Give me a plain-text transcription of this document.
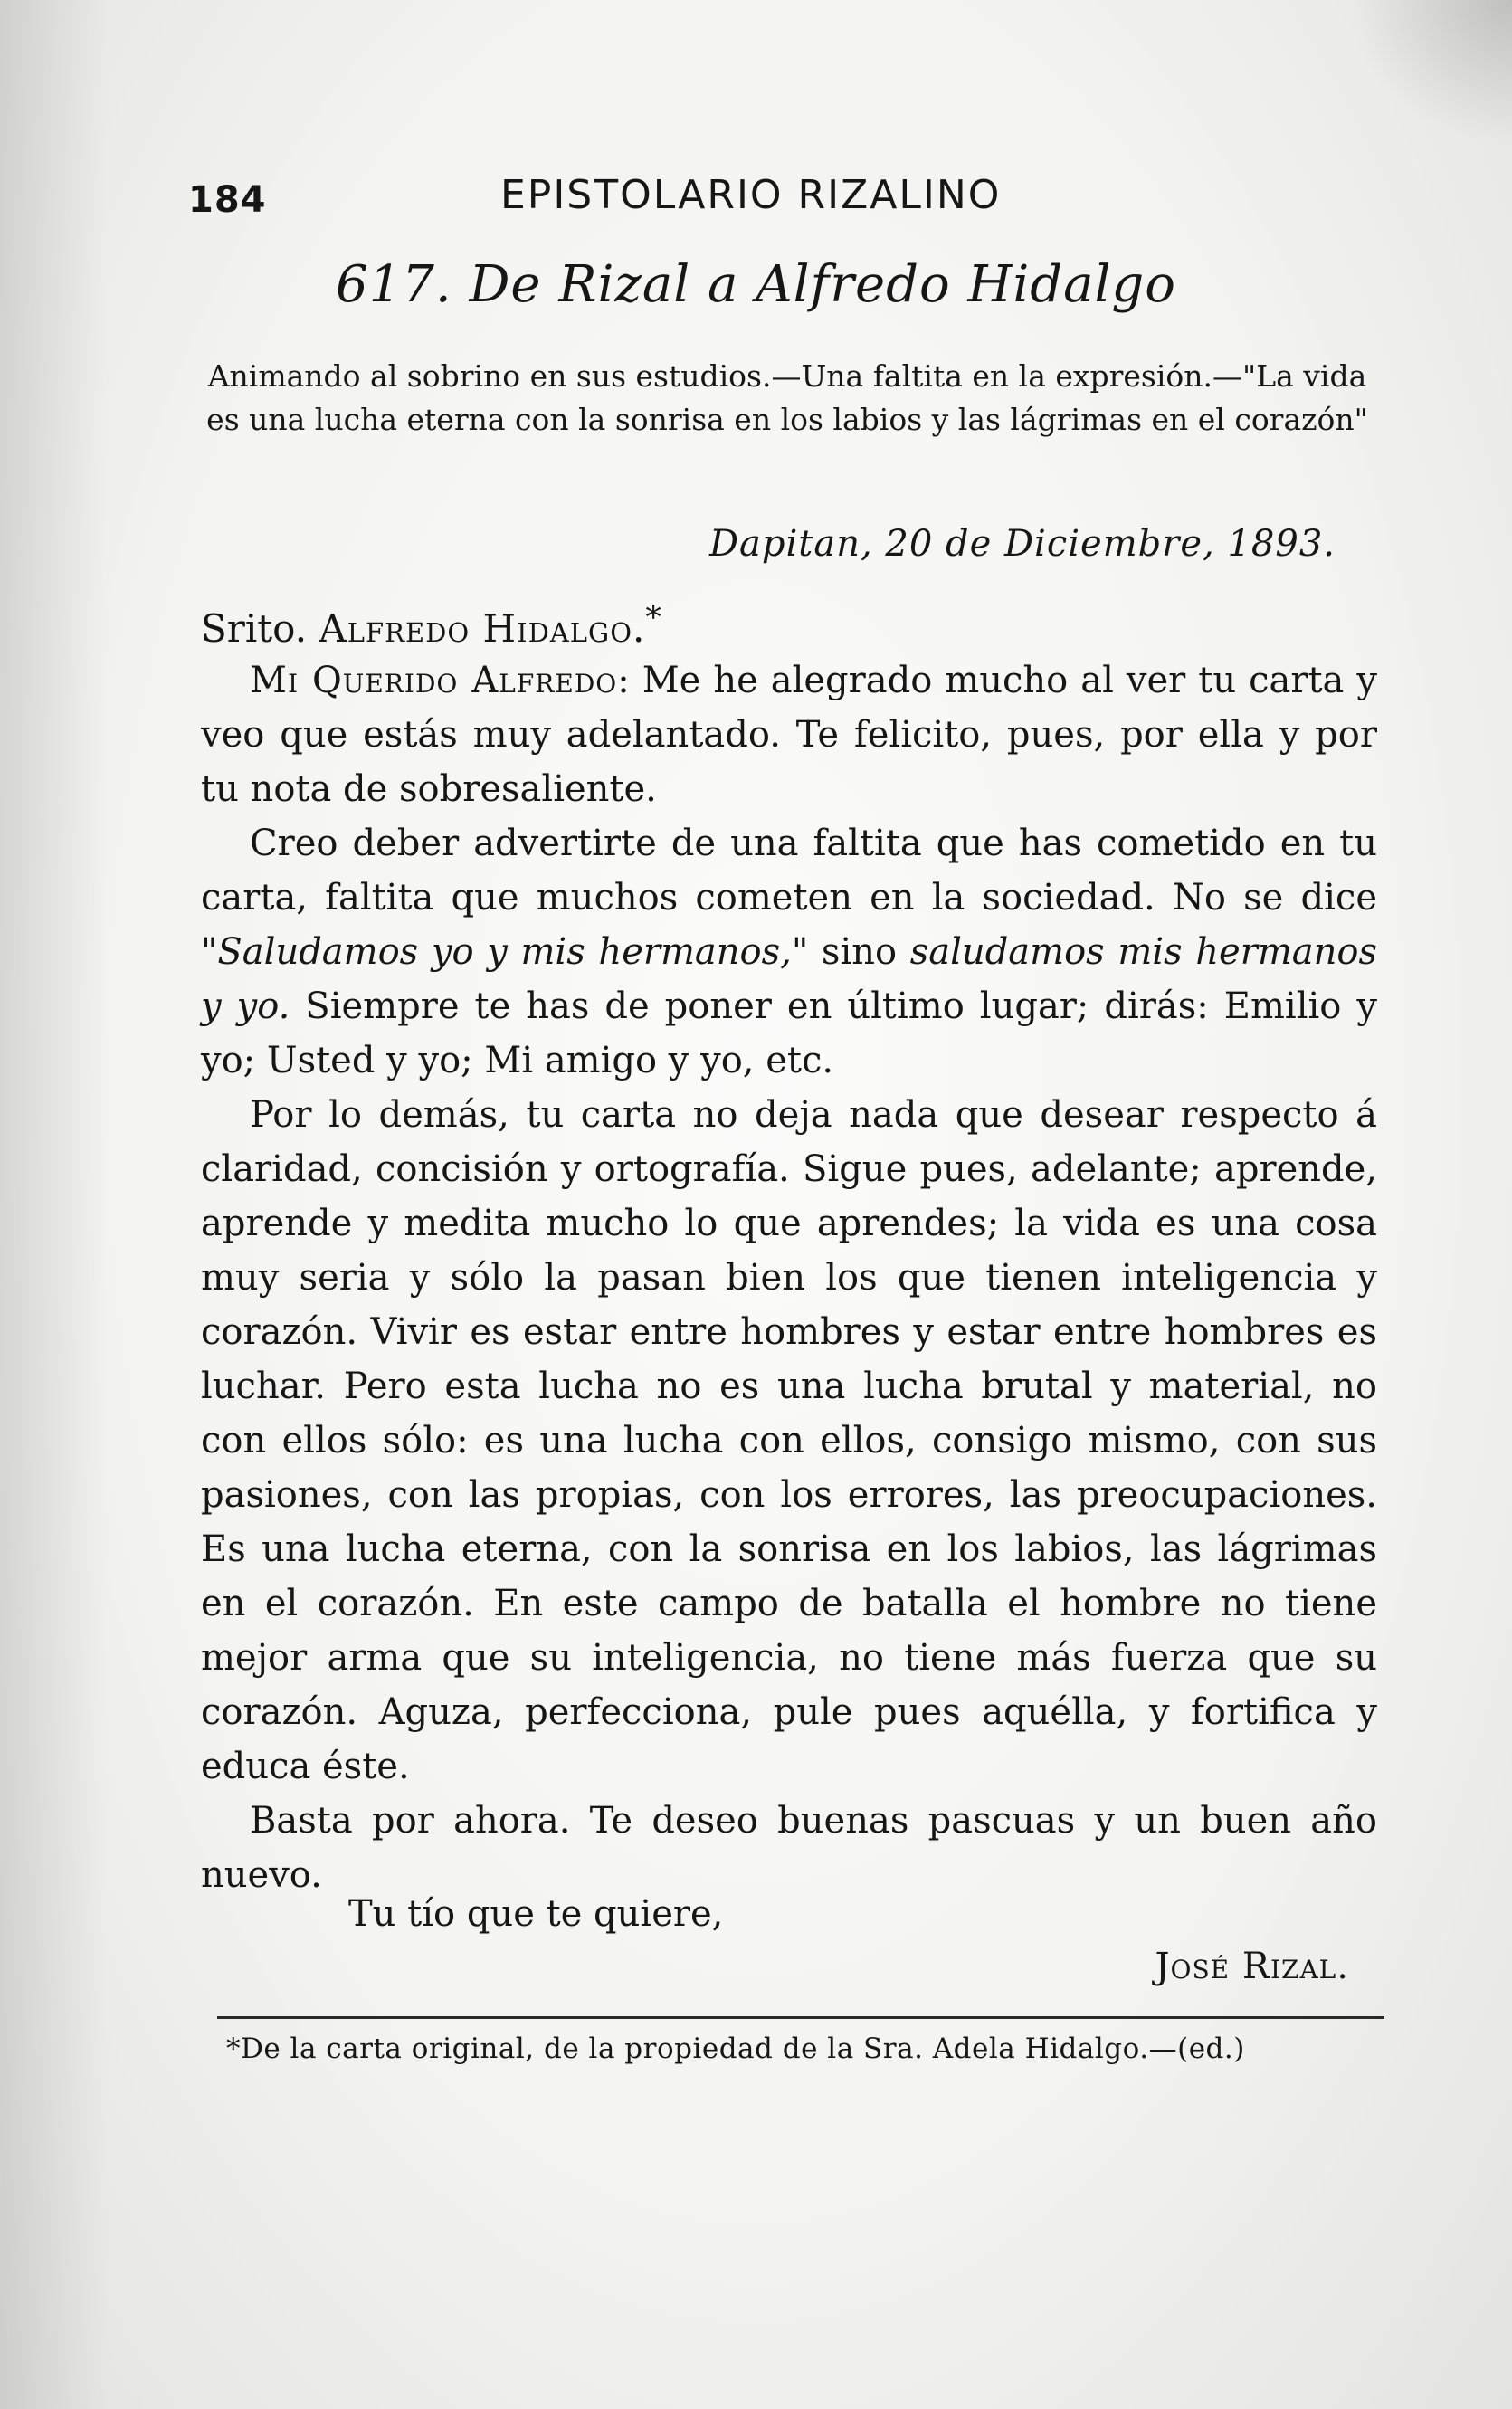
184	EPISTOLARIO RIZALINO
617. De Rizal a Alfredo Hidalgo
Animando al sobrino en sus estudios.—Una faltita en la expresión.—"La vida es una lucha eterna con la sonrisa en los labios y las lágrimas en el corazón"
Dapitan, 20 de Diciembre, 1893.
Srito. Alfredo Hidalgo.*

Mi Querido Alfredo: Me he alegrado mucho al ver tu carta y veo que estás muy adelantado. Te felicito, pues, por ella y por tu nota de sobresaliente.

Creo deber advertirte de una faltita que has cometido en tu carta, faltita que muchos cometen en la sociedad. No se dice "Saludamos yo y mis hermanos," sino saludamos mis hermanos y yo. Siempre te has de poner en último lugar; dirás: Emilio y yo; Usted y yo; Mi amigo y yo, etc.

Por lo demás, tu carta no deja nada que desear respecto á claridad, concisión y ortografía. Sigue pues, adelante; aprende, aprende y medita mucho lo que aprendes; la vida es una cosa muy seria y sólo la pasan bien los que tienen inteligencia y corazón. Vivir es estar entre hombres y estar entre hombres es luchar. Pero esta lucha no es una lucha brutal y material, no con ellos sólo: es una lucha con ellos, consigo mismo, con sus pasiones, con las propias, con los errores, las preocupaciones. Es una lucha eterna, con la sonrisa en los labios, las lágrimas en el corazón. En este campo de batalla el hombre no tiene mejor arma que su inteligencia, no tiene más fuerza que su corazón. Aguza, perfecciona, pule pues aquélla, y fortifica y educa éste.

Basta por ahora. Te deseo buenas pascuas y un buen año nuevo.

Tu tío que te quiere,
José Rizal.
*De la carta original, de la propiedad de la Sra. Adela Hidalgo.—(ed.)
